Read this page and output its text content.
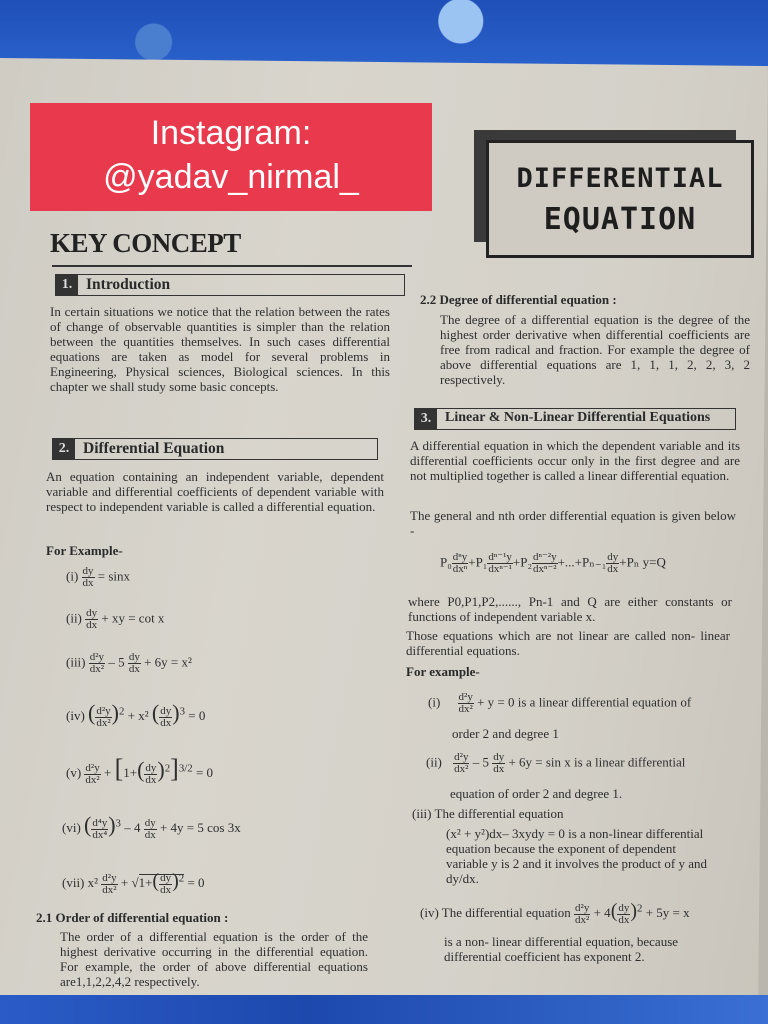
Instagram:
@yadav_nirmal_	DIFFERENTIAL
EQUATION
KEY CONCEPT
1. Introduction
In certain situations we notice that the relation between the rates of change of observable quantities is simpler than the relation between the quantities themselves. In such cases differential equations are taken as model for several problems in Engineering, Physical sciences, Biological sciences. In this chapter we shall study some basic concepts.
2. Differential Equation
An equation containing an independent variable, dependent variable and differential coefficients of dependent variable with respect to independent variable is called a differential equation.
For Example-
$(i) \frac{dy}{dx} = \sin x$
$(ii) \frac{dy}{dx}$ + xy = cot x
$(iii) \frac{\text{d²y}}{\text{dx²}} - 5 \frac{dy}{dx} + 6y = x^2$
(iv) ( $\frac{\text{d²y}}{\text{dx²}} )^2 + x^2$ ( $\frac{dy}{dx} )^3 = 0$
$(v) \frac{\text{d²y}}{\text{dx²}} + [1+( \frac{dy}{dx} )^2]^{3/2} = 0$
(vi) ( $\frac{\text{d⁴y}}{\text{dx⁴}} )^3 - 4 \frac{dy}{dx} + 4y = 5$ cos 3x
(vii) $x^2 \frac{\text{d²y}}{\text{dx²}} + √1+( \frac{dy}{dx} )^2 = 0$
2.1 Order of differential equation :
The order of a differential equation is the order of the highest derivative occurring in the differential equation. For example, the order of above differential equations are1,1,2,2,4,2 respectively.
2.2 Degree of differential equation :
The degree of a differential equation is the degree of the highest order derivative when differential coefficients are free from radical and fraction. For example the degree of above differential equations are 1, 1, 1, 2, 2, 3, 2 respectively.
3. Linear & Non-Linear Differential Equations
A differential equation in which the dependent variable and its differential coefficients occur only in the first degree and are not multiplied together is called a linear differential equation.
The general and nth order differential equation is given below -
$P_0 \frac{\text{dⁿy}}{\text{dxⁿ}} +P_1 \frac{\text{dⁿ⁻¹y}}{\text{dxⁿ⁻¹}} +P_2 \frac{\text{dⁿ⁻²y}}{\text{dxⁿ⁻²}} +...+P_{n-1} \frac{dy}{dx} +P_n$ y=Q
where P0,P1,P2,......, Pn-1 and Q are either constants or functions of independent variable x.
Those equations which are not linear are called non- linear differential equations.
For example-
$(i) \frac{\text{d²y}}{\text{dx²}} + y = 0$ is a linear differential equation of
order 2 and degree 1
$(ii) \frac{\text{d²y}}{\text{dx²}} - 5 \frac{dy}{dx} + 6y = \sin x$ is a linear differential
equation of order 2 and degree 1.
(iii) The differential equation
(x² + y²)dx– 3xydy = 0 is a non-linear differential equation because the exponent of dependent variable y is 2 and it involves the product of y and dy/dx.
(iv) The differential equation $\frac{\text{d²y}}{\text{dx²}} + 4( \frac{dy}{dx} )^2 + 5y = x$
is a non- linear differential equation, because differential coefficient has exponent 2.
